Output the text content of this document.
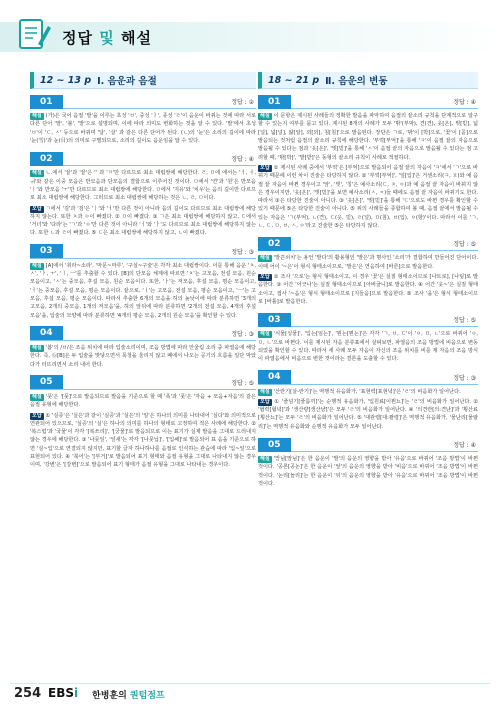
정답 및 해설
12 ~ 13 p Ⅰ. 음운과 음절
01	정답 : ②
해설 (가)은 국어 음절 '발'을 이루는 초성 'ㅂ', 중성 'ㅏ', 종성 'ㄹ'이 음운이 바뀌는 것에 따라 서로 다른 단어 '말', '불', '밭'으로 설명되며, 이에 따라 의미도 변화하는 것을 알 수 있다. '발'에서 초성 'ㅂ'이 'ㄷ, ㅅ' 등으로 바뀌며 '달', '살' 과 같은 다른 단어가 된다. (ㄴ)의 '눈'은 소리의 길이에 따라 '눈(雪)'과 눈(目)의 의미로 구별되므로, 소리의 길이도 음운임을 알 수 있다.
02	정답 : ④
해설 ㄴ.에서 '끝'과 '끝'은 '' 과 'ㄲ'만 다르므로 최소 대립쌍에 해당한다. ㄹ, ㅁ에 에서는 'ㅓ, ㅕ, ㅝ'와 같은 이중 모음은 반모음과 단모음의 결합으로 이루어진 것이다. ㅁ에서 '연'과 '원'은 반모음 'ㅣ'와 반모음 'ㅜ'만 다르므로 최소 대립쌍에 해당한다. ㅁ에서 '지유'와 '치우'는 음의 길이만 다르므로 최소 대립쌍에 해당한다. 그러므로 최소 대립쌍에 해당하는 것은 ㄴ, ㄹ, ㅁ이다.
오답 ㄱ에서 '김'과 '검'은 'ㅣ'와 'ㅓ'만 다른 것이 아니라 음의 길이도 다르므로 최소 대립쌍에 해당하지 않는다. 또한 ㅊ과 ㅇ이 빠졌다. ② ㅁ이 빠졌다. ③ ㄱ은 최소 대립쌍에 해당하지 않고, ㄷ에서 '거녀'와 '다라'는 'ㄱ'과 'ㅇ'만 다른 것이 아니라 'ㅓ'와 'ㅏ'도 다르므로 최소 대립쌍에 해당하지 않는다. 또한 ㄴ과 ㄹ이 빠졌다. ⑤ ㄷ은 최소 대립쌍에 해당하지 않고, ㄴ이 빠졌다.
03	정답 : ③
해설 [A]에서 '취라~소라', '마문~마루', '구실~구술'은 각각 최소 대립쌍이다. 이를 통해 음운 'ㅊ, ㅅ', 'ㅏ, ㅜ', 'ㅣ, ㅡ'를 추출할 수 있다. [B]의 단모음 체계에 따르면 'ㅊ'는 고모음, 전설 모음, 원순 모음이고, 'ㅅ'는 중모음, 후설 모음, 원순 모음이다. 또한, 'ㅏ'는 저모음, 후설 모음, 평순 모음이고, 'ㅓ'는 중모음, 후설 모음, 평순 모음이다. 끝으로, 'ㅣ'는 고모음, 전설 모음, 평순 모음이고, 'ㅡ'는 고모음, 후설 모음, 평순 모음이다. 따라서 추출한 6개의 모음을 허의 높낮이에 따라 분류하면 '3개의 고모음, 2개의 중모음, 1개의 저모음'을, 허의 앞뒤에 따라 분류하면 '2개의 전설 모음, 4개의 후설 모음'을, 입술의 모양에 따라 분류하면 '4개의 평순 모음, 2개의 원순 모음'을 확인할 수 있다.
04	정답 : ③
해설 '봄'의 /ㅂ/은 조음 위치에 따라 입술소리이며, 조음 방법에 따라 안울림 소리 중 파열음에 해당한다. 즉, ⓑ[B]은 두 입술을 맞닿으면서 목청을 울리지 않고 폐에서 나오는 공기의 흐름을 일단 막았다가 터뜨리면서 소리 내어 한다.
05	정답 : ⑤
해설 '풋'은 '[풋]'으로 발음되므로 발음을 기준으로 할 때 '폭'과 '풋'은 '자음 + 모음+자음'의 같은 음절 유형에 해당한다.
오답 ① '실증'은 '실은'과 같이 '실증'과 '실은'의 '일'은 하나의 의미를 나타내어 '실다'와 의미적으로 연관되어 있으므로, '실증'의 '실'은 하나의 의미를 하나의 형태로 고정하여 적은 사례에 해당한다. ② '복스럽'과 '국물'이 각각 '[복쓰리]', '[궁물]'로 발음되므로 이는 표기가 실제 발음을 그대로 드러내지 않는 경우에 해당한다. ③ '나뭇잎', '잎새'는 각각 '[나뭇닙]', '[입쌔]'로 발음되어 표 음을 기준으로 하면 '실~입'으로 연결되지 않지만, 표기할 글자 하나하나를 음절로 인식하는 관습에 따라 '입~잎'으로 표현되어 있다. ④ '북어'는 '[부거]'로 발음되어 표기 형태와 음절 유형을 그대로 나타내지 않는 경우이며, '강변'은 '[강변]'으로 발음되어 표기 형태가 음절 유형을 그대로 나타내는 경우이다.
18 ~ 21 p Ⅱ. 음운의 변동
01	정답 : ④
해설 이 문항은 제시된 사례들의 정확한 발음을 파악하여 음절의 끝소리 규칙을 단계적으로 알구할 수 있는지 여부를 묻고 있다. 제시된 8개의 사례가 모두 '밖'(부막), 견(견), 옷[온], 빚[빋], 넓[널], 넓[널], 앓[알], 외[외], 침[침]'으로 발음된다. 장단은 ㄱ로, '밖'이 [박]으로, '꽃'이 [꼳]으로 발음되는 것처럼 음절의 끝소리 규칙에 해당한다. '부엌[부억]'을 통해 'ㅋ'이 음절 끝의 자음으로 발음될 수 있다는 점과 '옷[온]', '빚[빋]'을 통해 'ㅅ'이 음절 끝의 자음으로 발음될 수 있다는 점 고려할 때, '밖[박]', '밭[받]'은 동형의 끝소리 규칙이 사례로 적절하다.
오답 ① 제시된 사례 중에서 '부엌'은 [부억]으로 발음되어 음절 끝의 자음이 'ㅋ'에서 'ㄱ'으로 바뀌기 때문에 이런 차이 진술은 타당하지 않다. ② '부엌[부억]', '잎[입]'은 거센소리(ㅋ, ㅍ)와 예 음절 끝 자음이 바뀐 경우이고 '앞', '빚', '칭'은 예사소리(ㄷ, ㅊ, ㅇ)과 예 음절 끝 자음이 바뀌지 않은 경우이지만, '옷[온]', '빚[빋]'을 보면 예사소리(ㅅ, ㅈ)들 때에도 음절 끝 자음이 바뀌기도 한다. 따라서 ③은 타당한 진술이 아니다. ③ '옷[온]', '빚[빋]'을 통해 'ㄷ'으로도 바뀐 경우를 확인할 수 있기 때문에 ⑤은 타당한 진술이 아니다. ⑤ 위의 사례들을 종합하여 볼 때, 음절 끝에서 발음될 수 있는 자음은 'ㄱ(부억), ㄴ(견), ㄷ(옷, 빋), ㄹ(널), ㅁ(침), ㅂ(입), ㅇ(항)'이다. 따라서 이를 'ㄱ, ㄴ, ㄷ, ㅁ, ㅂ, ㅅ, ㅇ'라고 진술한 ⑤은 타당하지 않다.
02	정답 : ⑤
해설 '발끈쇠치'는 용언 '발다'의 활용형인 '발은'과 명사인 '소리'가 결합하여 만들어진 단어이다. 이때 어이 '~은'이 형식 형태소이므로, '발은'은 연음하여 [바른]으로 발음한다.
오답 ① 조사 '으로'는 형식 형태소이고, 이 경우 '꽃'은 실질 형태소이므로 [나트로], [나팅]로 발음한다. ③ 어간 '어긋나'는 실질 형태소이므로 [아버굴니]로 발음한다. ④ 어간 '웃~'은 실질 형태소이고, 접사 '~음'은 형식 형태소이므로 [지들음]으로 발음한다. ⑤ 조사 '을'은 형식 형태소이므로 [바틀]로 발음한다.
03	정답 : ⑤
해설 '식물[싱물]', '입는[임는]', '뭔는[뭔는]'은 각각 'ㄱ, ㅂ, ㄷ'이 'ㅇ, ㅁ, ㄴ'으로 바뀌어 'ㅇ, ㅁ, ㄴ'으로 바뀐다. 이를 제시된 자음 분류표에서 살펴보면, 파열음의 조음 방법에 비음으로 변동되었을 확인할 수 있다. 따라서 세 사례 모두 자음이 자신의 조음 위치를 비를 제 자음의 조음 방식이 파열음에서 비음으로 변한 것이라는 결론을 도출할 수 있다.
04	정답 : ③
해설 '산란기[살-란기]'는 역행적 유음화가, '표현력[표현녁]'은 'ㄹ'의 비음화가 일어난다.
오답 ① '줄넘기[줄룸끼]'는 순행적 유음화가, '입원료[이붠뇨]'는 'ㄹ'의 비음화가 일어난다. ② '협력[혐녁]'과 '생산량[생산냥]'은 모두 'ㄹ'의 비음화가 일어난다. ④ '의견란[의:견난]'과 '횡산료[횡산뇨]'는 모두 'ㄹ'의 비음화가 일어난다. ⑤ '대관령[대:괄령]'은 역행적 유음화가, '물난리[물랄리]'는 역행적 유음화와 순행적 유음화가 모두 일어난다.
05	정답 : ④
해설 '맏님[맘님]'은 한 음운이 '발'의 음운의 영향을 받아 '유음'으로 바뀌어 '조음 방법'이 바뀐 것이다. '공론[공논]'은 한 음운이 '앞'의 음운의 영향을 받아 '비음'으로 바뀌어 '조음 방법'이 바뀐 것이다. '논리[놀리]'는 한 음운이 '뒤'의 음운의 영향을 받아 '유음'으로 바뀌어 '조음 방법'이 바뀐 것이다.
254 EBSi 한병훈의 퀀텀점프
